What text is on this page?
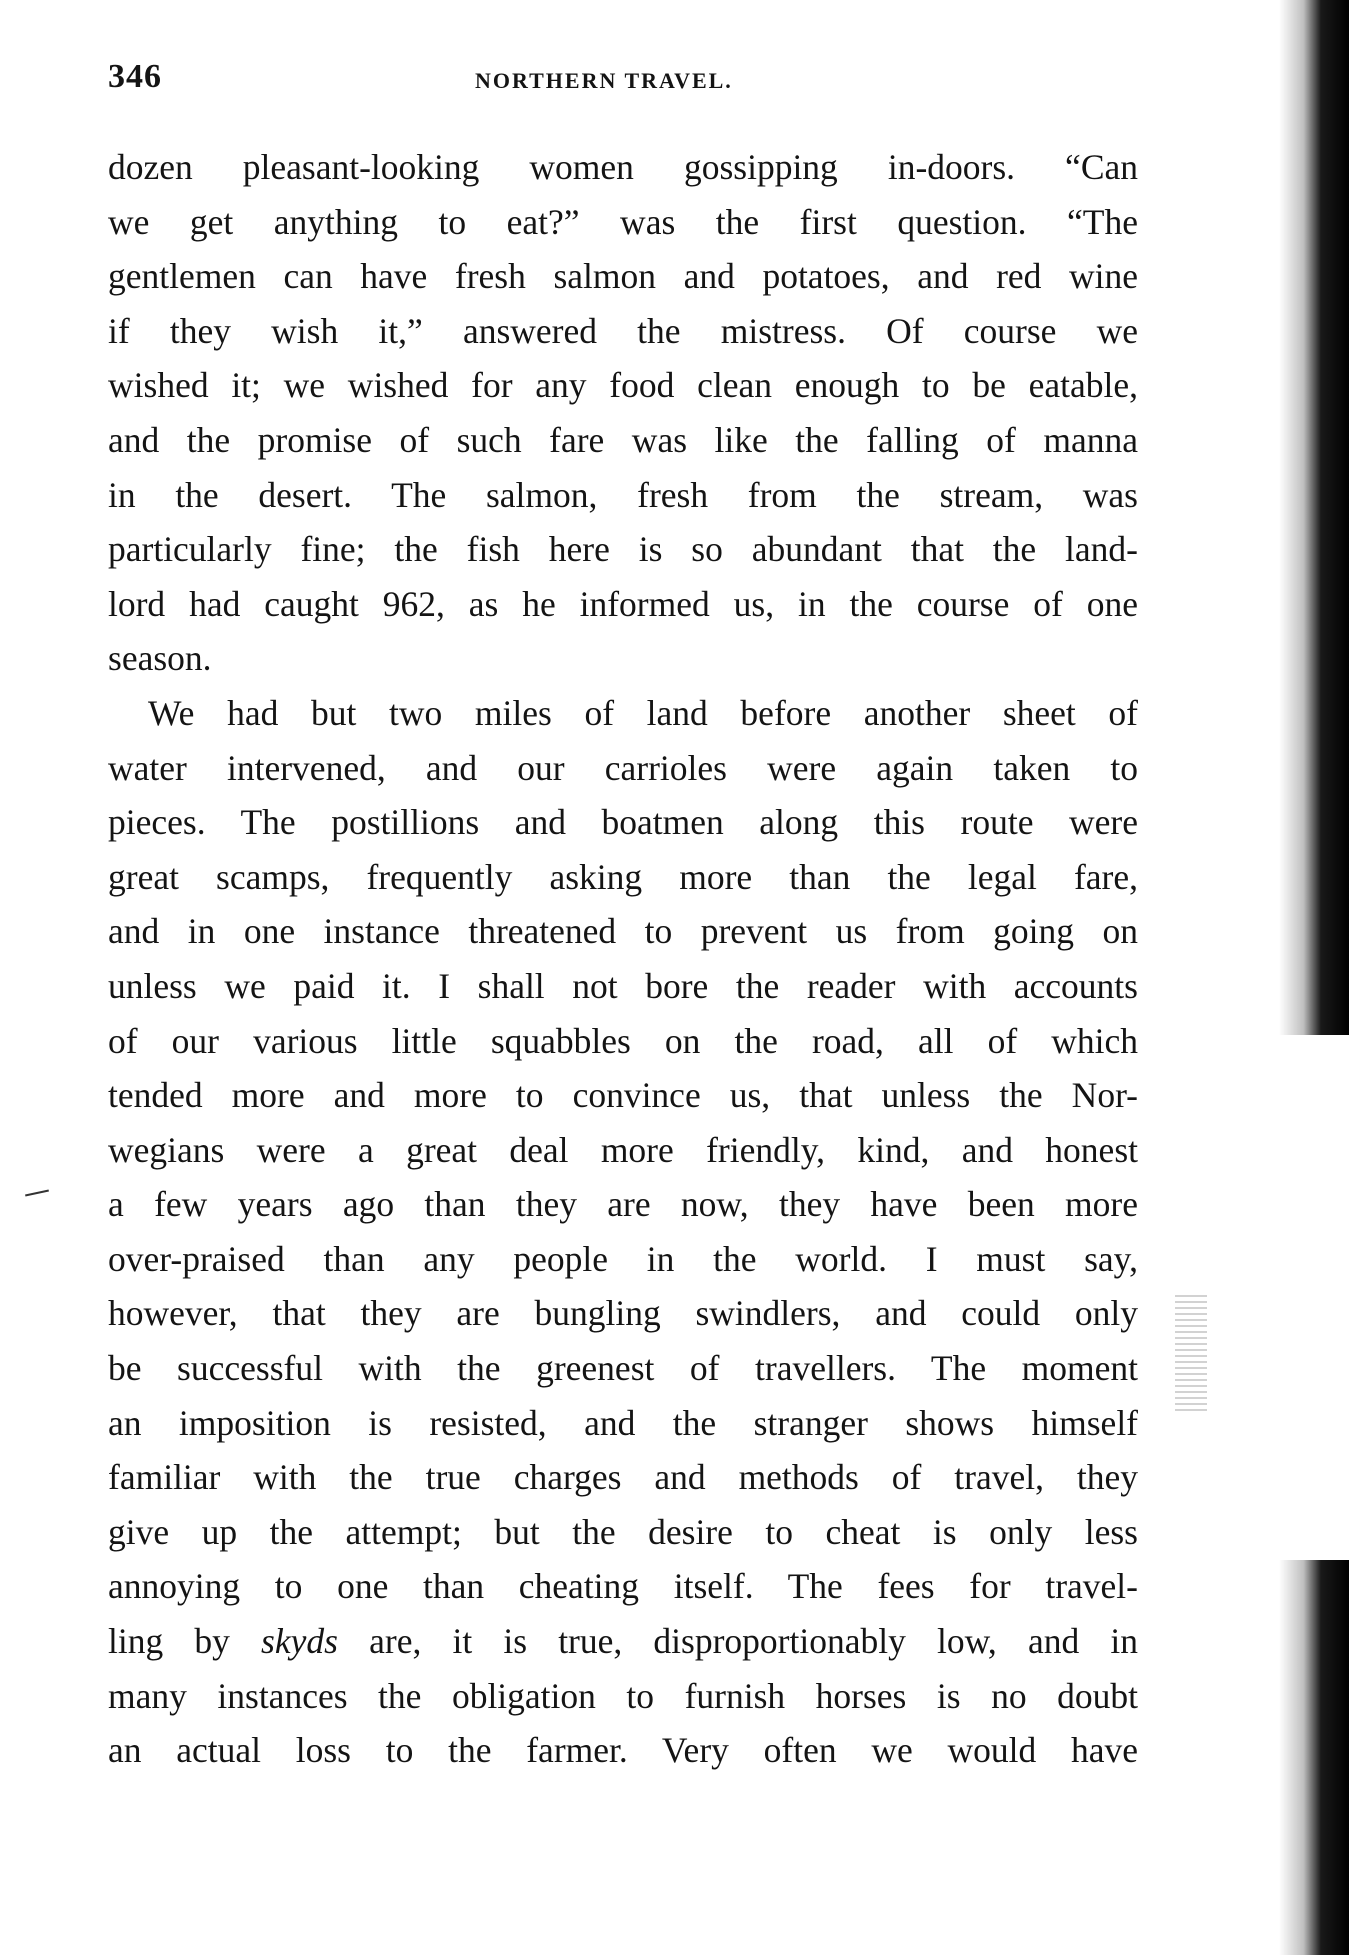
346	NORTHERN TRAVEL.
dozen pleasant-looking women gossipping in-doors. “Can
we get anything to eat?” was the first question. “The
gentlemen can have fresh salmon and potatoes, and red wine
if they wish it,” answered the mistress. Of course we
wished it; we wished for any food clean enough to be eatable,
and the promise of such fare was like the falling of manna
in the desert. The salmon, fresh from the stream, was
particularly fine; the fish here is so abundant that the land-
lord had caught 962, as he informed us, in the course of one
season.
We had but two miles of land before another sheet of
water intervened, and our carrioles were again taken to
pieces. The postillions and boatmen along this route were
great scamps, frequently asking more than the legal fare,
and in one instance threatened to prevent us from going on
unless we paid it. I shall not bore the reader with accounts
of our various little squabbles on the road, all of which
tended more and more to convince us, that unless the Nor-
wegians were a great deal more friendly, kind, and honest
a few years ago than they are now, they have been more
over-praised than any people in the world. I must say,
however, that they are bungling swindlers, and could only
be successful with the greenest of travellers. The moment
an imposition is resisted, and the stranger shows himself
familiar with the true charges and methods of travel, they
give up the attempt; but the desire to cheat is only less
annoying to one than cheating itself. The fees for travel-
ling by skyds are, it is true, disproportionably low, and in
many instances the obligation to furnish horses is no doubt
an actual loss to the farmer. Very often we would have
